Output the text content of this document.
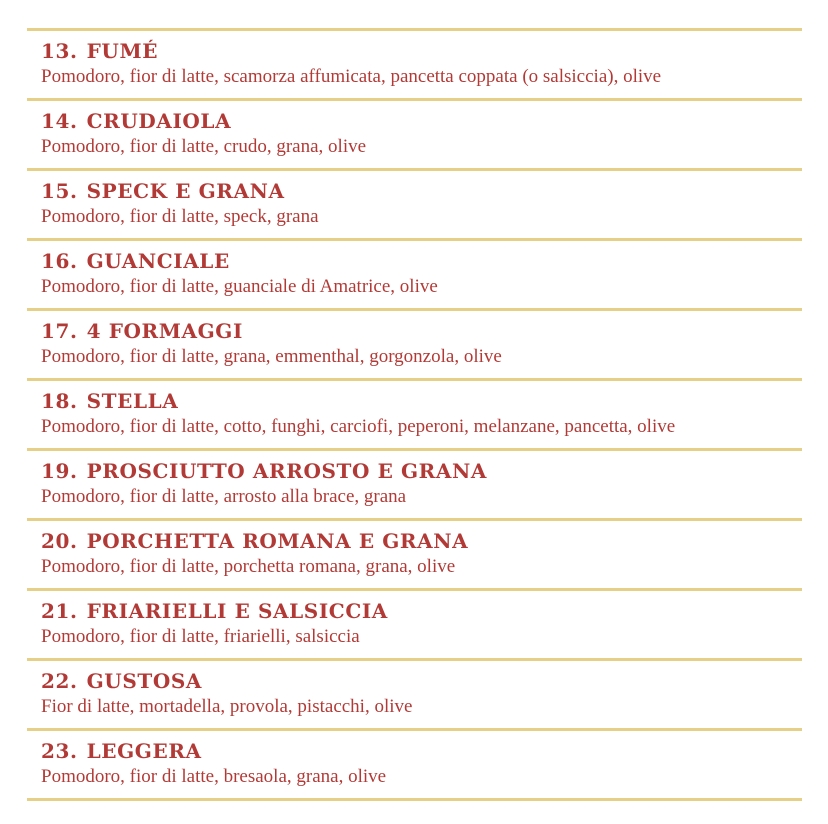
13. FUMÉ
Pomodoro, fior di latte, scamorza affumicata, pancetta coppata (o salsiccia), olive
14. CRUDAIOLA
Pomodoro, fior di latte, crudo, grana, olive
15. SPECK E GRANA
Pomodoro, fior di latte, speck, grana
16. GUANCIALE
Pomodoro, fior di latte, guanciale di Amatrice, olive
17. 4 FORMAGGI
Pomodoro, fior di latte, grana, emmenthal, gorgonzola, olive
18. STELLA
Pomodoro, fior di latte, cotto, funghi, carciofi, peperoni, melanzane, pancetta, olive
19. PROSCIUTTO ARROSTO E GRANA
Pomodoro, fior di latte, arrosto alla brace, grana
20. PORCHETTA ROMANA E GRANA
Pomodoro, fior di latte, porchetta romana, grana, olive
21. FRIARIELLI E SALSICCIA
Pomodoro, fior di latte, friarielli, salsiccia
22. GUSTOSA
Fior di latte, mortadella, provola, pistacchi, olive
23. LEGGERA
Pomodoro, fior di latte, bresaola, grana, olive
